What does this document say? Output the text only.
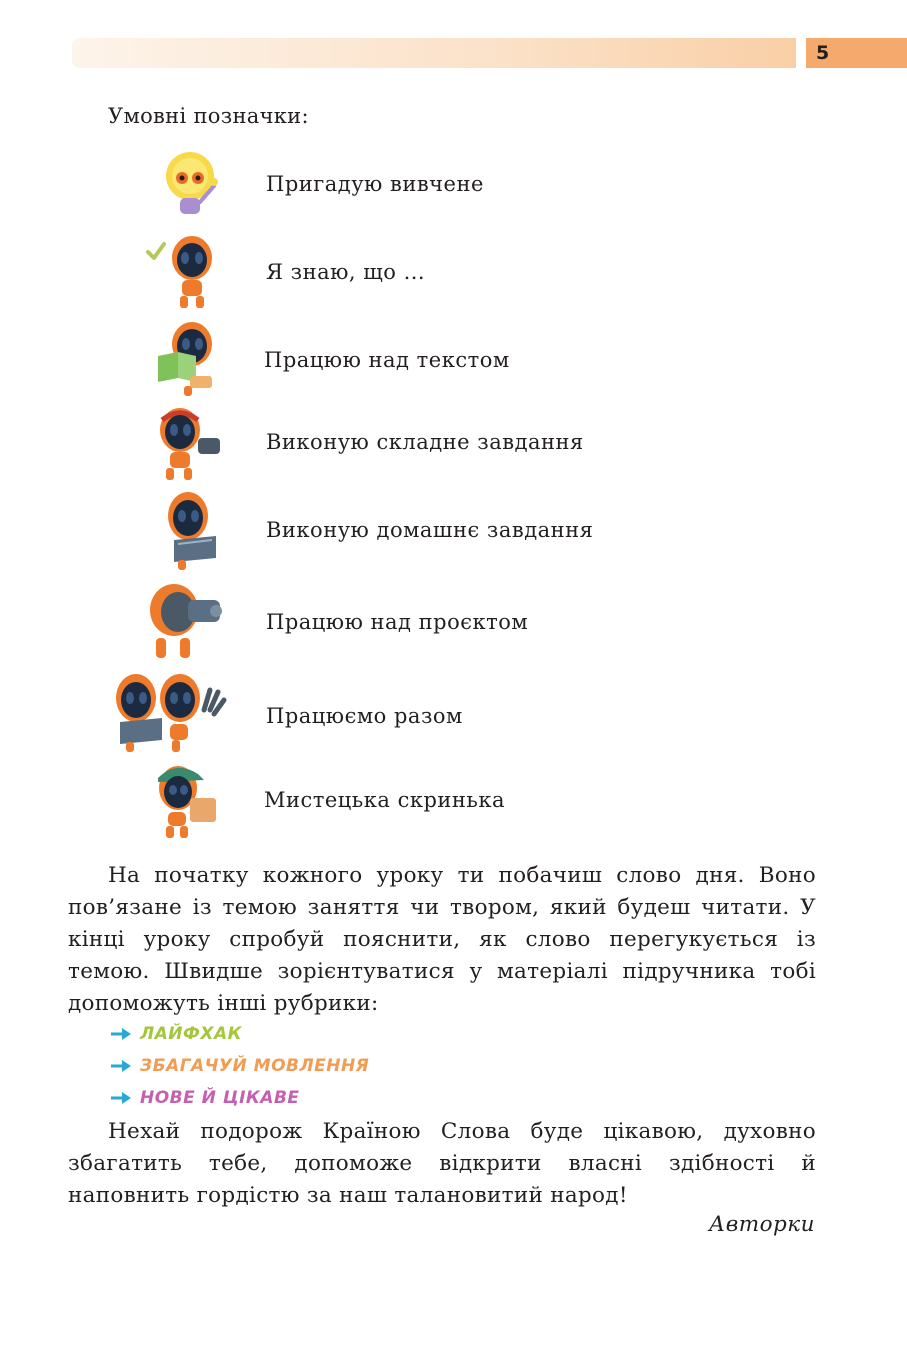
5
Умовні позначки:
Пригадую вивчене
Я знаю, що ...
Працюю над текстом
Виконую складне завдання
Виконую домашнє завдання
Працюю над проєктом
Працюємо разом
Мистецька скринька
На початку кожного уроку ти побачиш слово дня. Воно пов’язане із темою заняття чи твором, який будеш читати. У кінці уроку спробуй пояснити, як слово перегукується із темою. Швидше зорієнтуватися у матеріалі підручника тобі допоможуть інші рубрики:
ЛАЙФХАК
ЗБАГАЧУЙ МОВЛЕННЯ
НОВЕ Й ЦІКАВЕ
Нехай подорож Країною Слова буде цікавою, духовно збагатить тебе, допоможе відкрити власні здібності й наповнить гордістю за наш талановитий народ!
Авторки
